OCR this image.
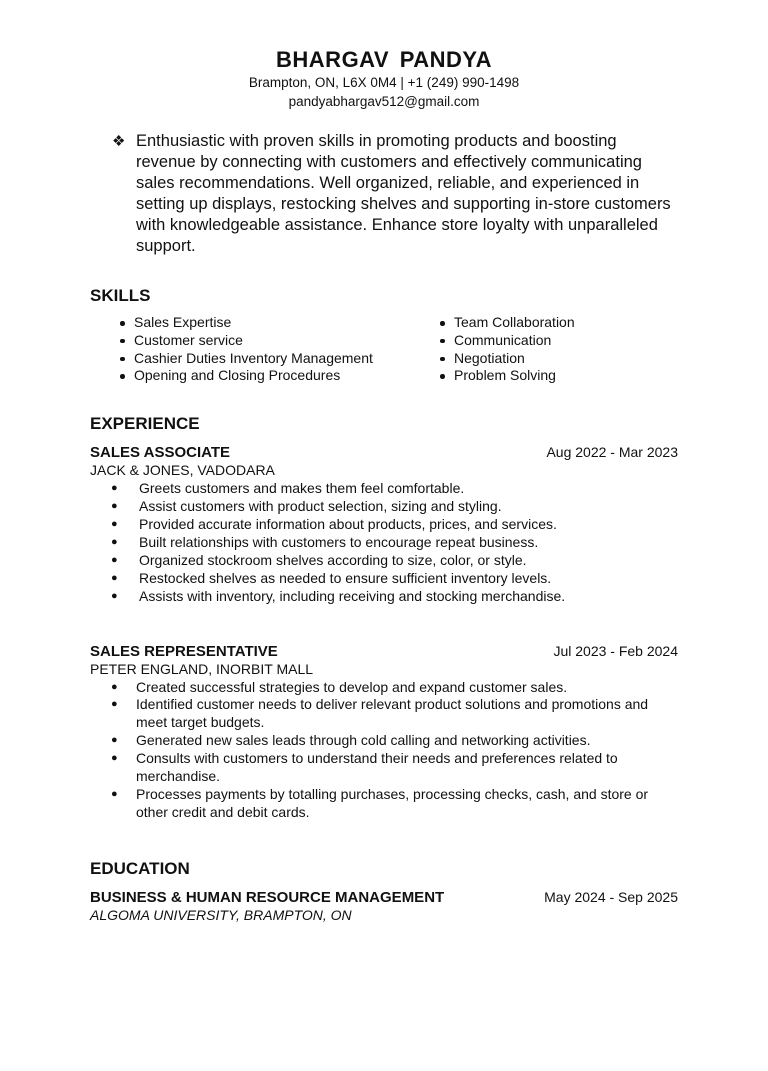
BHARGAV PANDYA
Brampton, ON, L6X 0M4 | +1 (249) 990-1498
pandyabhargav512@gmail.com
❖ Enthusiastic with proven skills in promoting products and boosting revenue by connecting with customers and effectively communicating sales recommendations. Well organized, reliable, and experienced in setting up displays, restocking shelves and supporting in-store customers with knowledgeable assistance. Enhance store loyalty with unparalleled support.
SKILLS
Sales Expertise
Customer service
Cashier Duties Inventory Management
Opening and Closing Procedures
Team Collaboration
Communication
Negotiation
Problem Solving
EXPERIENCE
SALES ASSOCIATE	Aug 2022 - Mar 2023
JACK & JONES, VADODARA
● Greets customers and makes them feel comfortable.
● Assist customers with product selection, sizing and styling.
● Provided accurate information about products, prices, and services.
● Built relationships with customers to encourage repeat business.
● Organized stockroom shelves according to size, color, or style.
● Restocked shelves as needed to ensure sufficient inventory levels.
● Assists with inventory, including receiving and stocking merchandise.
SALES REPRESENTATIVE	Jul 2023 - Feb 2024
PETER ENGLAND, INORBIT MALL
● Created successful strategies to develop and expand customer sales.
● Identified customer needs to deliver relevant product solutions and promotions and meet target budgets.
● Generated new sales leads through cold calling and networking activities.
● Consults with customers to understand their needs and preferences related to merchandise.
● Processes payments by totalling purchases, processing checks, cash, and store or other credit and debit cards.
EDUCATION
BUSINESS & HUMAN RESOURCE MANAGEMENT	May 2024 - Sep 2025
ALGOMA UNIVERSITY, BRAMPTON, ON
